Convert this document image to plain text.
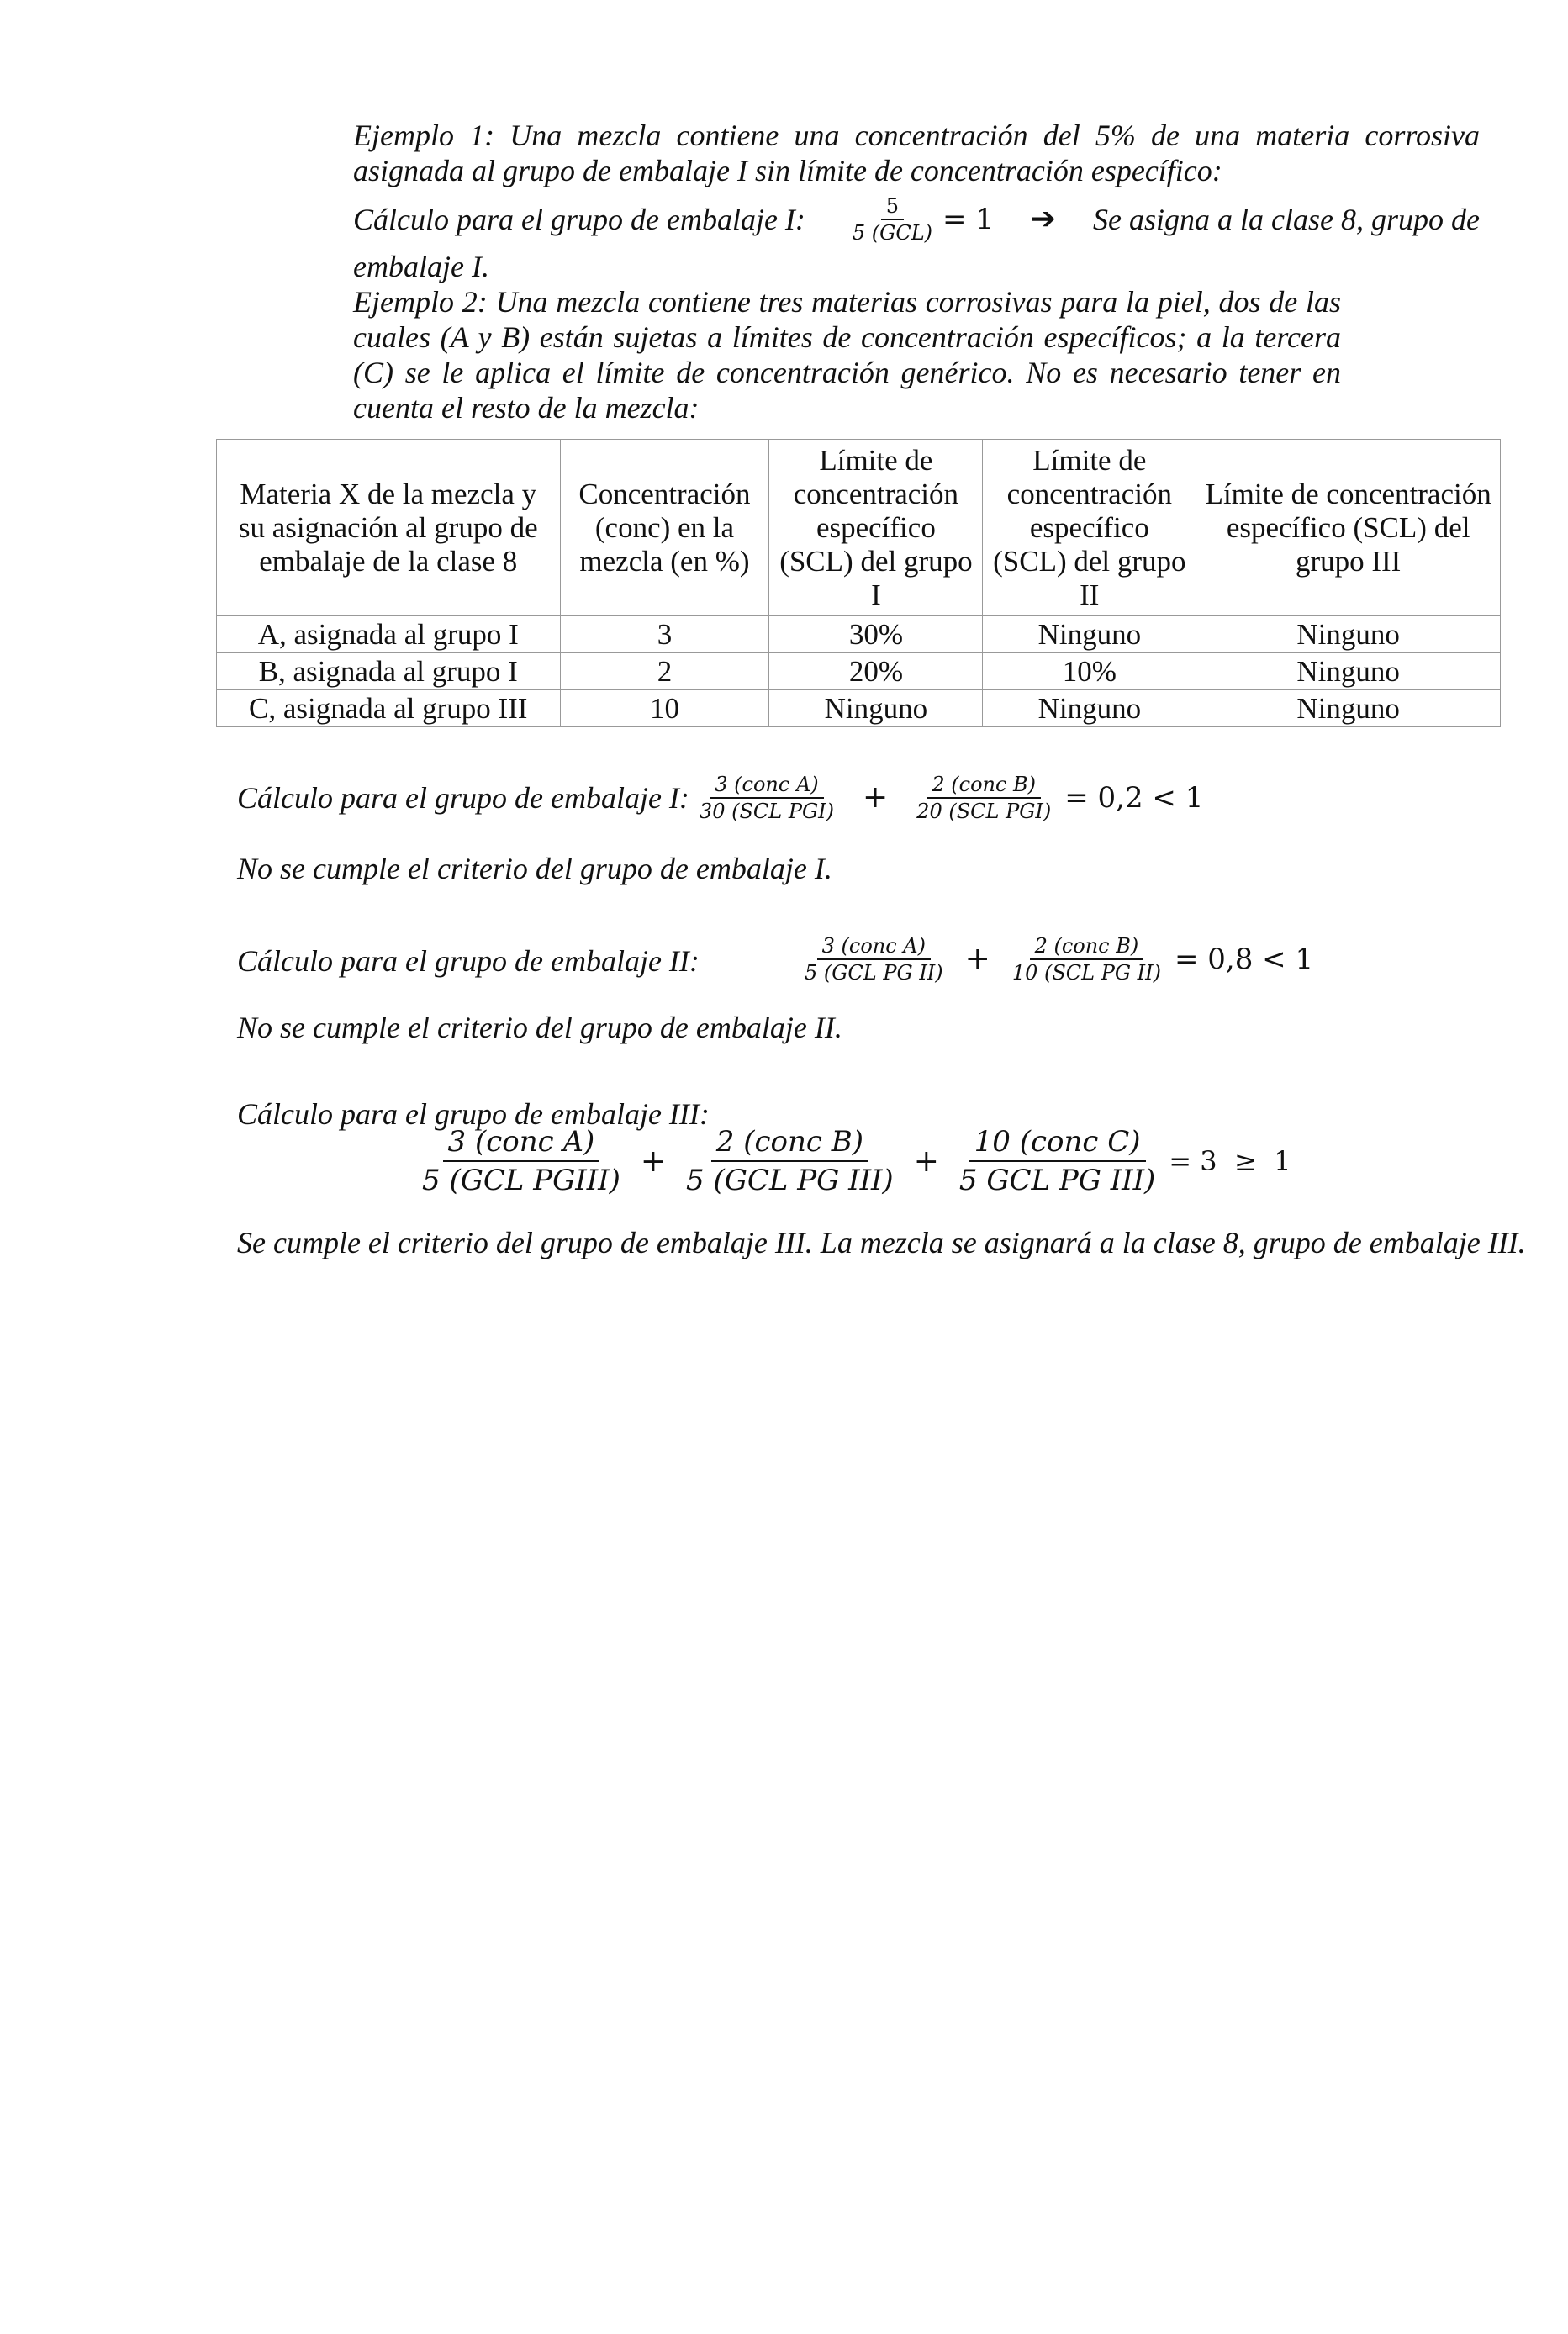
Ejemplo 1: Una mezcla contiene una concentración del 5% de una materia corrosiva asignada al grupo de embalaje I sin límite de concentración específico:
Cálculo para el grupo de embalaje I: $\frac{5}{\text{5 (GCL)}} = 1$ ➔ Se asigna a la clase 8, grupo de
embalaje I.
Ejemplo 2: Una mezcla contiene tres materias corrosivas para la piel, dos de las cuales (A y B) están sujetas a límites de concentración específicos; a la tercera (C) se le aplica el límite de concentración genérico. No es necesario tener en cuenta el resto de la mezcla:
Materia X de la mezcla y su asignación al grupo de embalaje de la clase 8	Concentración (conc) en la mezcla (en %)	Límite de concentración específico (SCL) del grupo I	Límite de concentración específico (SCL) del grupo II	Límite de concentración específico (SCL) del grupo III
A, asignada al grupo I	3	30%	Ninguno	Ninguno
B, asignada al grupo I	2	20%	10%	Ninguno
C, asignada al grupo III	10	Ninguno	Ninguno	Ninguno
Cálculo para el grupo de embalaje I: $\frac{\text{3 (conc A)}}{\text{30 (SCL PGI)}} + \frac{\text{2 (conc B)}}{\text{20 (SCL PGI)}} = 0,2 < 1$
No se cumple el criterio del grupo de embalaje I.
Cálculo para el grupo de embalaje II:	$\frac{\text{3 (conc A)}}{\text{5 (GCL PG II)}} + \frac{\text{2 (conc B)}}{\text{10 (SCL PG II)}} = 0,8 < 1$
No se cumple el criterio del grupo de embalaje II.
Cálculo para el grupo de embalaje III:
$\frac{\text{3 (conc A)}}{\text{5 (GCL PGIII)}} + \frac{\text{2 (conc B)}}{\text{5 (GCL PG III)}} + \frac{\text{10 (conc C)}}{\text{5 GCL PG III)}} = 3 \ge 1$
Se cumple el criterio del grupo de embalaje III. La mezcla se asignará a la clase 8, grupo de embalaje III.
